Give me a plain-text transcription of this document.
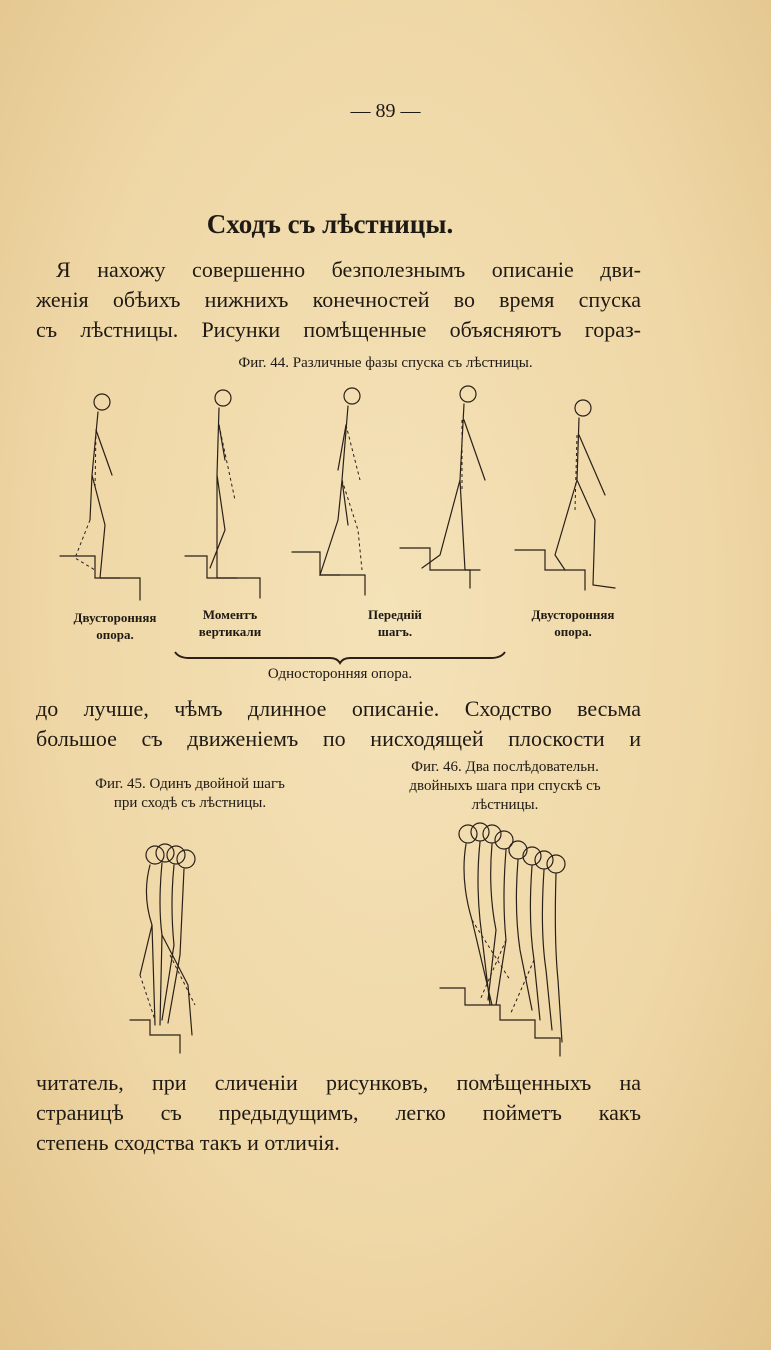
— 89 —
Сходъ съ лѣстницы.
Я нахожу совершенно безполезнымъ описаніе дви-
женія обѣихъ нижнихъ конечностей во время спуска
съ лѣстницы. Рисунки помѣщенные объясняютъ гораз-
Фиг. 44. Различные фазы спуска съ лѣстницы.
Двусторонняя
опора.
Моментъ
вертикали
Передній
шагъ.
Двусторонняя
опора.
Односторонняя опора.
до лучше, чѣмъ длинное описаніе. Сходство весьма
большое съ движеніемъ по нисходящей плоскости и
Фиг. 45. Одинъ двойной шагъ
при сходѣ съ лѣстницы.
Фиг. 46. Два послѣдовательн.
двойныхъ шага при спускѣ съ
лѣстницы.
читатель, при сличеніи рисунковъ, помѣщенныхъ на
страницѣ съ предыдущимъ, легко пойметъ какъ
степень сходства такъ и отличія.
